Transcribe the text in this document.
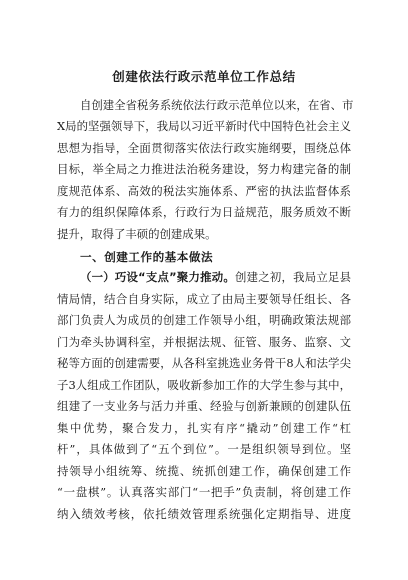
创建依法行政示范单位工作总结
自创建全省税务系统依法行政示范单位以来，在省、市
X局的坚强领导下，我局以习近平新时代中国特色社会主义
思想为指导，全面贯彻落实依法行政实施纲要，围绕总体
目标，举全局之力推进法治税务建设，努力构建完备的制
度规范体系、高效的税法实施体系、严密的执法监督体系
有力的组织保障体系，行政行为日益规范，服务质效不断
提升，取得了丰硕的创建成果。
一、创建工作的基本做法
（一）巧设“支点”聚力推动。创建之初，我局立足县
情局情，结合自身实际，成立了由局主要领导任组长、各
部门负责人为成员的创建工作领导小组，明确政策法规部
门为牵头协调科室，并根据法规、征管、服务、监察、文
秘等方面的创建需要，从各科室挑选业务骨干8人和法学尖
子3人组成工作团队，吸收新参加工作的大学生参与其中，
组建了一支业务与活力并重、经验与创新兼顾的创建队伍
集中优势，聚合发力，扎实有序“撬动”创建工作“杠
杆”，具体做到了“五个到位”。一是组织领导到位。坚
持领导小组统筹、统揽、统抓创建工作，确保创建工作
“一盘棋”。认真落实部门“一把手”负责制，将创建工作
纳入绩效考核，依托绩效管理系统强化定期指导、进度
